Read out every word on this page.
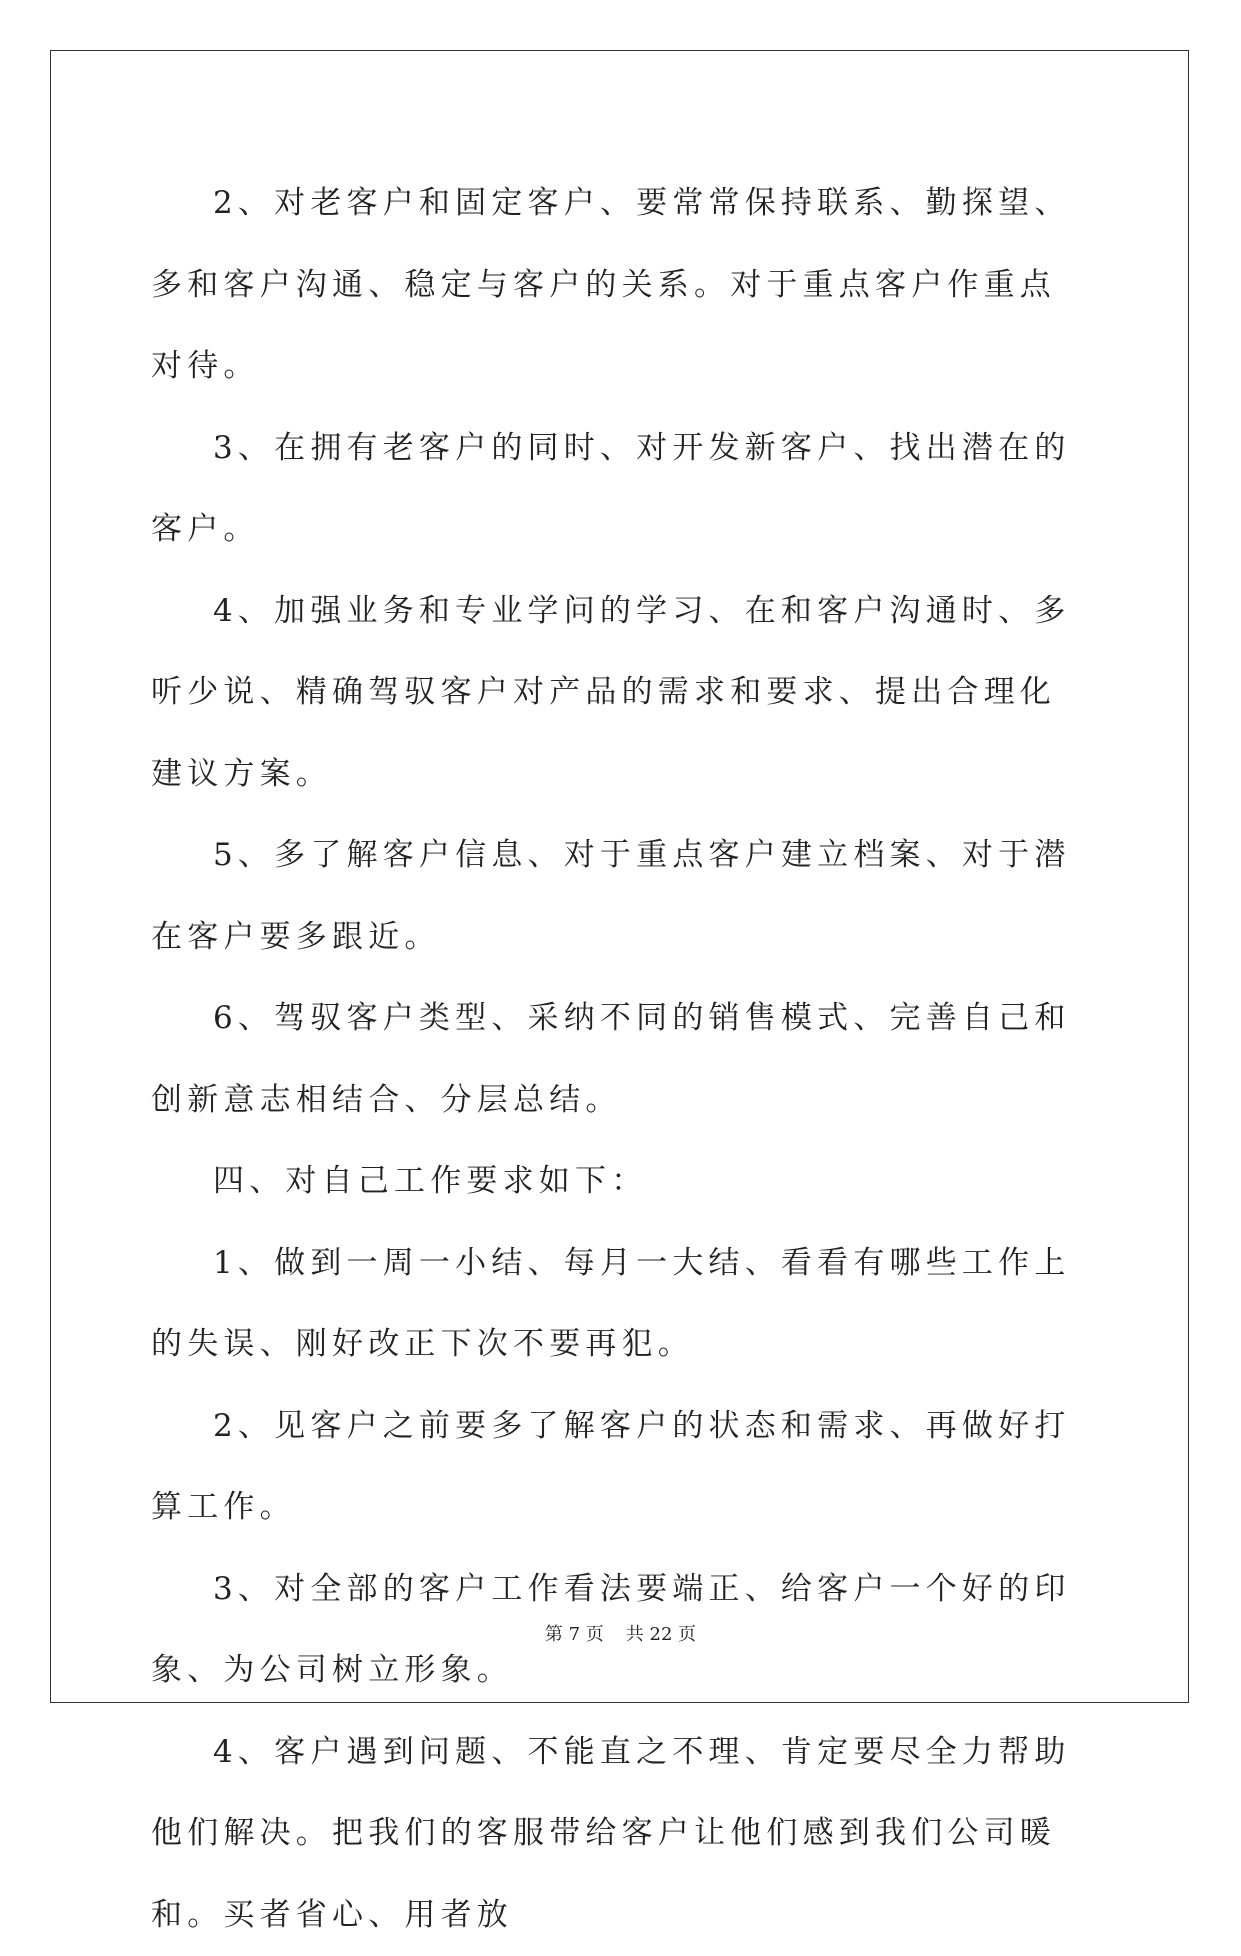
2、对老客户和固定客户、要常常保持联系、勤探望、多和客户沟通、稳定与客户的关系。对于重点客户作重点对待。

3、在拥有老客户的同时、对开发新客户、找出潜在的客户。

4、加强业务和专业学问的学习、在和客户沟通时、多听少说、精确驾驭客户对产品的需求和要求、提出合理化建议方案。

5、多了解客户信息、对于重点客户建立档案、对于潜在客户要多跟近。

6、驾驭客户类型、采纳不同的销售模式、完善自己和创新意志相结合、分层总结。

四、对自己工作要求如下：

1、做到一周一小结、每月一大结、看看有哪些工作上的失误、刚好改正下次不要再犯。

2、见客户之前要多了解客户的状态和需求、再做好打算工作。

3、对全部的客户工作看法要端正、给客户一个好的印象、为公司树立形象。

4、客户遇到问题、不能直之不理、肯定要尽全力帮助他们解决。把我们的客服带给客户让他们感到我们公司暖和。买者省心、用者放

第 7 页 共 22 页
